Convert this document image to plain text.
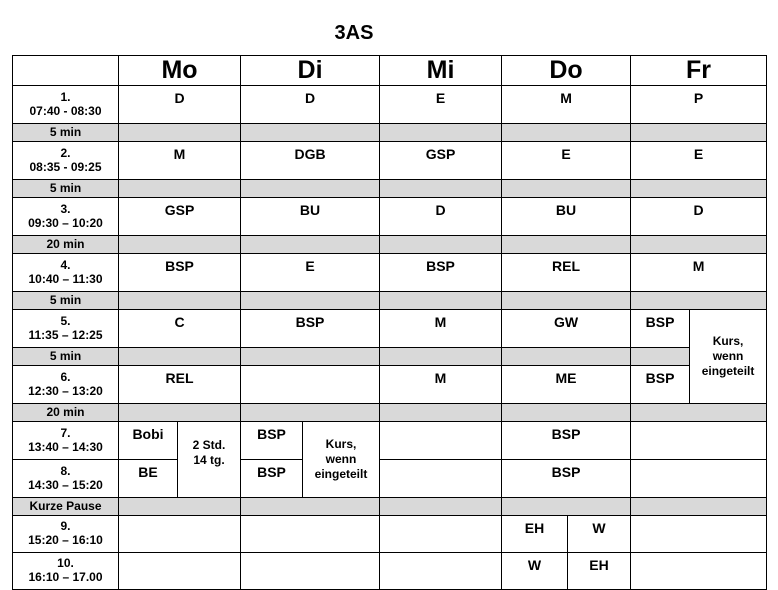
3AS
	Mo		Di		Mi	Do		Fr	
1.
07:40 - 08:30	D		D		E	M		P	
5 min									
2.
08:35 - 09:25	M		DGB		GSP	E		E	
5 min									
3.
09:30 – 10:20	GSP		BU		D	BU		D	
20 min									
4.
10:40 – 11:30	BSP		E		BSP	REL		M	
5 min									
5.
11:35 – 12:25	C		BSP		M	GW		BSP	Kurs,
wenn
eingeteilt
5 min									
6.
12:30 – 13:20	REL				M	ME		BSP	
20 min									
7.
13:40 – 14:30	Bobi	2 Std.
14 tg.	BSP	Kurs,
wenn
eingeteilt		BSP			
8.
14:30 – 15:20	BE		BSP			BSP			
Kurze Pause									
9.
15:20 – 16:10						EH	W		
10.
16:10 – 17.00						W	EH		
